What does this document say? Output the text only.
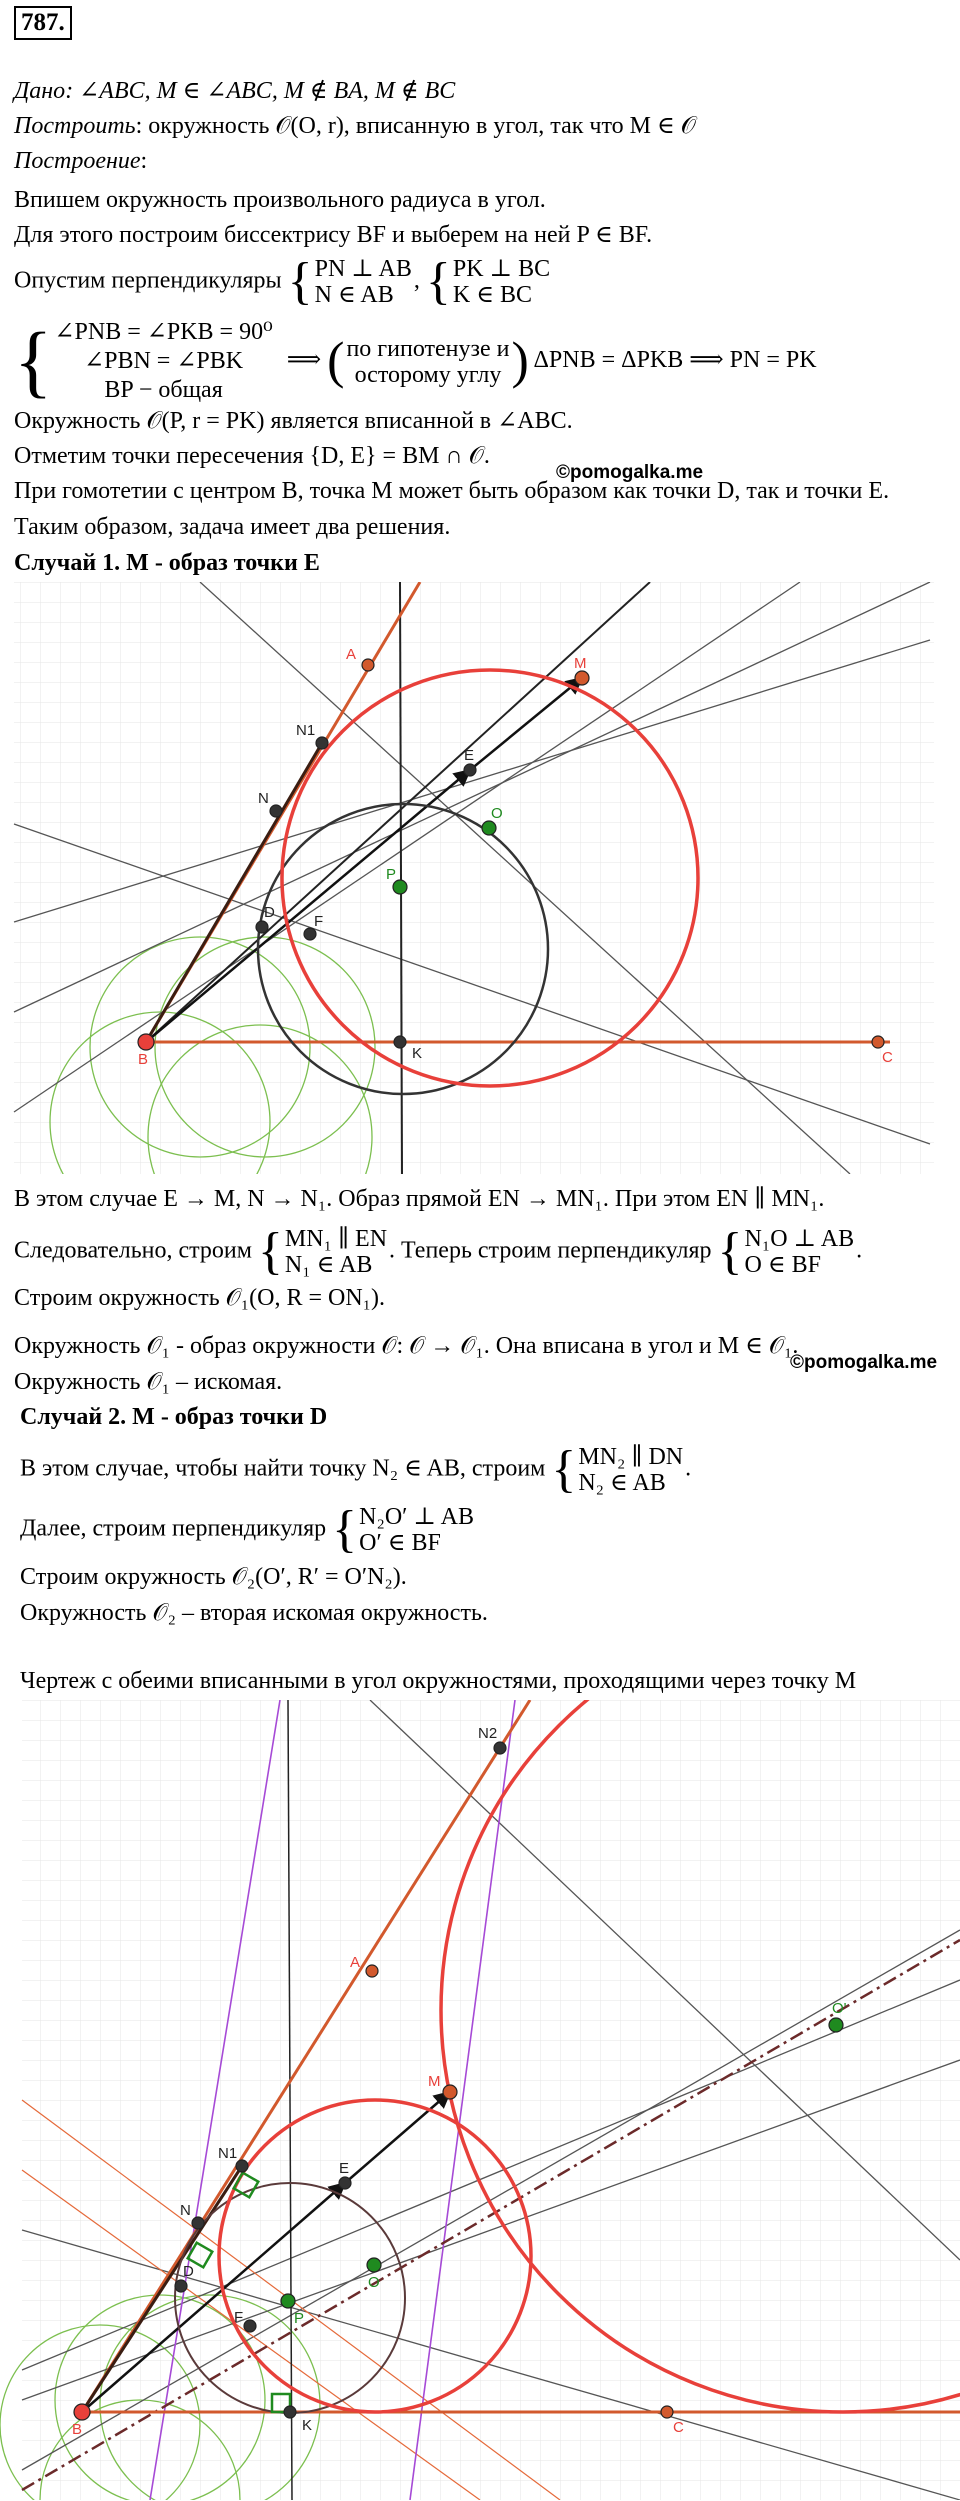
787.
Дано: ∠ABC, M ∈ ∠ABC, M ∉ BA, M ∉ BC
Построить: окружность 𝒪(O, r), вписанную в угол, так что M ∈ 𝒪
Построение:
Впишем окружность произвольного радиуса в угол.
Для этого построим биссектрису BF и выберем на ней P ∈ BF.
Опустим перпендикуляры {PN ⊥ AB
N ∈ AB, {PK ⊥ BC
K ∈ BC
{∠PNB = ∠PKB = 90⁰
∠PBN = ∠PBK
BP − общая  ⟹ (по гипотенузе и
осторому углу ) ΔPNB = ΔPKB ⟹ PN = PK
Окружность 𝒪(P, r = PK) является вписанной в ∠ABC.
Отметим точки пересечения {D, E} = BM ∩ 𝒪.
©pomogalka.me
При гомотетии с центром B, точка M может быть образом как точки D, так и точки E.
Таким образом, задача имеет два решения.
Случай 1. M - образ точки E
A
M
N1
E
N
O
P
D
F
B	K	C
В этом случае E → M, N → N₁. Образ прямой EN → MN₁. При этом EN ∥ MN₁.
Следовательно, строим {MN₁ ∥ EN
N₁ ∈ AB. Теперь строим перпендикуляр {N₁O ⊥ AB
O ∈ BF.
Строим окружность 𝒪₁(O, R = ON₁).
Окружность 𝒪₁ - образ окружности 𝒪: 𝒪 → 𝒪₁. Она вписана в угол и M ∈ 𝒪₁.
©pomogalka.me
Окружность 𝒪₁ – искомая.
Случай 2. M - образ точки D
В этом случае, чтобы найти точку N₂ ∈ AB, строим {MN₂ ∥ DN
N₂ ∈ AB.
Далее, строим перпендикуляр {N₂O′ ⊥ AB
O′ ∈ BF
Строим окружность 𝒪₂(O′, R′ = O′N₂).
Окружность 𝒪₂ – вторая искомая окружность.
Чертеж с обеими вписанными в угол окружностями, проходящими через точку M
N2
A
O'
M
N1
E
N
O
D
F	P
B	K	C
